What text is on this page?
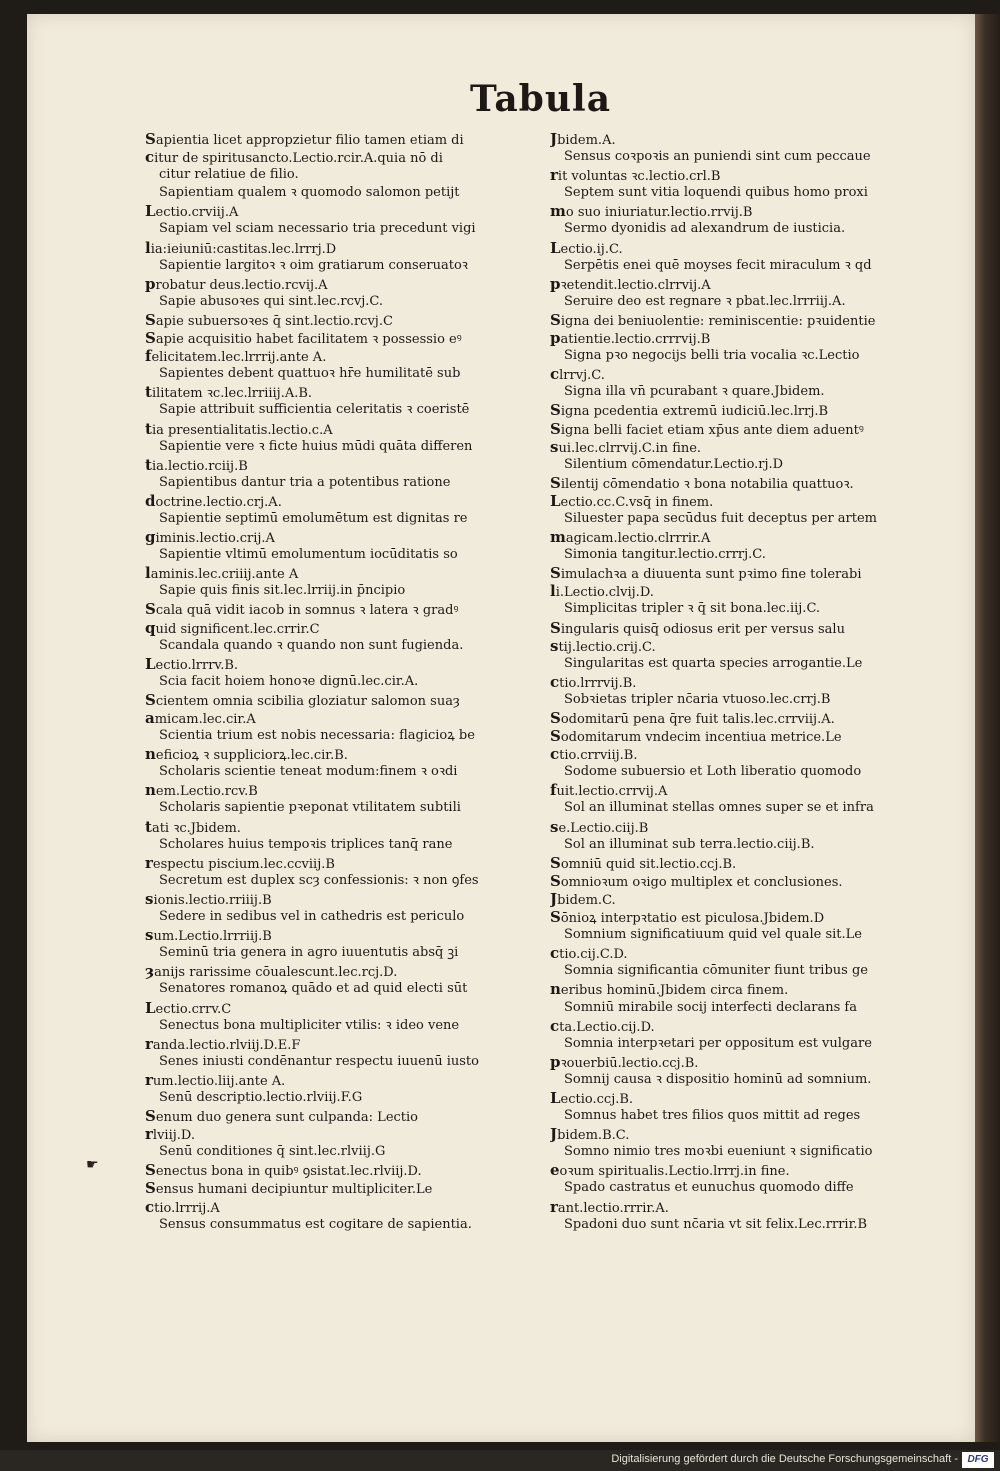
Tabula
Sapientia licet appropzietur filio tamen etiam di
citur de spiritusancto.Lectio.rcir.A.quia nō di
citur relatiue de filio.
Sapientiam qualem ꝛ quomodo salomon petijt
Lectio.crviij.A
Sapiam vel sciam necessario tria precedunt vigi
lia:ieiuniū:castitas.lec.lrrrj.D
Sapientie largitoꝛ ꝛ oim gratiarum conseruatoꝛ
probatur deus.lectio.rcvij.A
Sapie abusoꝛes qui sint.lec.rcvj.C.
Sapie subuersoꝛes q̄ sint.lectio.rcvj.C
Sapie acquisitio habet facilitatem ꝛ possessio eꝰ
felicitatem.lec.lrrrij.ante A.
Sapientes debent quattuoꝛ hr̄e humilitatē sub
tilitatem ꝛc.lec.lrriiij.A.B.
Sapie attribuit sufficientia celeritatis ꝛ coeristē
tia presentialitatis.lectio.c.A
Sapientie vere ꝛ ficte huius mūdi quāta differen
tia.lectio.rciij.B
Sapientibus dantur tria a potentibus ratione
doctrine.lectio.crj.A.
Sapientie septimū emolumētum est dignitas re
giminis.lectio.crij.A
Sapientie vltimū emolumentum iocūditatis so
laminis.lec.criiij.ante A
Sapie quis finis sit.lec.lrriij.in p̄ncipio
Scala quā vidit iacob in somnus ꝛ latera ꝛ gradꝰ
quid significent.lec.crrir.C
Scandala quando ꝛ quando non sunt fugienda.
Lectio.lrrrv.B.
Scia facit hoiem honoꝛe dignū.lec.cir.A.
Scientem omnia scibilia gloziatur salomon suaȝ
amicam.lec.cir.A
Scientia trium est nobis necessaria: flagicioꝝ be
neficioꝝ ꝛ suppliciorꝝ.lec.cir.B.
Scholaris scientie teneat modum:finem ꝛ oꝛdi
nem.Lectio.rcv.B
Scholaris sapientie pꝛeponat vtilitatem subtili
tati ꝛc.Jbidem.
Scholares huius tempoꝛis triplices tanq̄ rane
respectu piscium.lec.ccviij.B
Secretum est duplex scȝ confessionis: ꝛ non ꝯfes
sionis.lectio.rriiij.B
Sedere in sedibus vel in cathedris est periculo
sum.Lectio.lrrriij.B
Seminū tria genera in agro iuuentutis absq̄ ꝫi
ȝanijs rarissime cōualescunt.lec.rcj.D.
Senatores romanoꝝ quādo et ad quid electi sūt
Lectio.crrv.C
Senectus bona multipliciter vtilis: ꝛ ideo vene
randa.lectio.rlviij.D.E.F
Senes iniusti condēnantur respectu iuuenū iusto
rum.lectio.liij.ante A.
Senū descriptio.lectio.rlviij.F.G
Senum duo genera sunt culpanda: Lectio
rlviij.D.
Senū conditiones q̄ sint.lec.rlviij.G
Senectus bona in quibꝰ ꝯsistat.lec.rlviij.D.
Sensus humani decipiuntur multipliciter.Le
ctio.lrrrij.A
Sensus consummatus est cogitare de sapientia.
Jbidem.A.
Sensus coꝛpoꝛis an puniendi sint cum peccaue
rit voluntas ꝛc.lectio.crl.B
Septem sunt vitia loquendi quibus homo proxi
mo suo iniuriatur.lectio.rrvij.B
Sermo dyonidis ad alexandrum de iusticia.
Lectio.ij.C.
Serpētis enei quē moyses fecit miraculum ꝛ qd̄
pꝛetendit.lectio.clrrvij.A
Seruire deo est regnare ꝛ pbat.lec.lrrriij.A.
Signa dei beniuolentie: reminiscentie: pꝛuidentie
patientie.lectio.crrrvij.B
Signa pꝛo negocijs belli tria vocalia ꝛc.Lectio
clrrvj.C.
Signa illa vn̄ pcurabant ꝛ quare.Jbidem.
Signa pcedentia extremū iudiciū.lec.lrrj.B
Signa belli faciet etiam xp̄us ante diem aduentꝰ
sui.lec.clrrvij.C.in fine.
Silentium cōmendatur.Lectio.rj.D
Silentij cōmendatio ꝛ bona notabilia quattuoꝛ.
Lectio.cc.C.vsq̄ in finem.
Siluester papa secūdus fuit deceptus per artem
magicam.lectio.clrrrir.A
Simonia tangitur.lectio.crrrj.C.
Simulachꝛa a diuuenta sunt pꝛimo fine tolerabi
li.Lectio.clvij.D.
Simplicitas tripler ꝛ q̄ sit bona.lec.iij.C.
Singularis quisq̄ odiosus erit per versus salu
stij.lectio.crij.C.
Singularitas est quarta species arrogantie.Le
ctio.lrrrvij.B.
Sobꝛietas tripler nc̄aria vtuoso.lec.crrj.B
Sodomitarū pena q̄re fuit talis.lec.crrviij.A.
Sodomitarum vndecim incentiua metrice.Le
ctio.crrviij.B.
Sodome subuersio et Loth liberatio quomodo
fuit.lectio.crrvij.A
Sol an illuminat stellas omnes super se et infra
se.Lectio.ciij.B
Sol an illuminat sub terra.lectio.ciij.B.
Somniū quid sit.lectio.ccj.B.
Somnioꝛum oꝛigo multiplex et conclusiones.
Jbidem.C.
Sōnioꝝ interpꝛtatio est piculosa.Jbidem.D
Somnium significatiuum quid vel quale sit.Le
ctio.cij.C.D.
Somnia significantia cōmuniter fiunt tribus ge
neribus hominū.Jbidem circa finem.
Somniū mirabile socij interfecti declarans fa
cta.Lectio.cij.D.
Somnia interpꝛetari per oppositum est vulgare
pꝛouerbiū.lectio.ccj.B.
Somnij causa ꝛ dispositio hominū ad somnium.
Lectio.ccj.B.
Somnus habet tres filios quos mittit ad reges
Jbidem.B.C.
Somno nimio tres moꝛbi eueniunt ꝛ significatio
eoꝛum spiritualis.Lectio.lrrrj.in fine.
Spado castratus et eunuchus quomodo diffe
rant.lectio.rrrir.A.
Spadoni duo sunt nc̄aria vt sit felix.Lec.rrrir.B
☛
Digitalisierung gefördert durch die Deutsche Forschungsgemeinschaft - DFG
